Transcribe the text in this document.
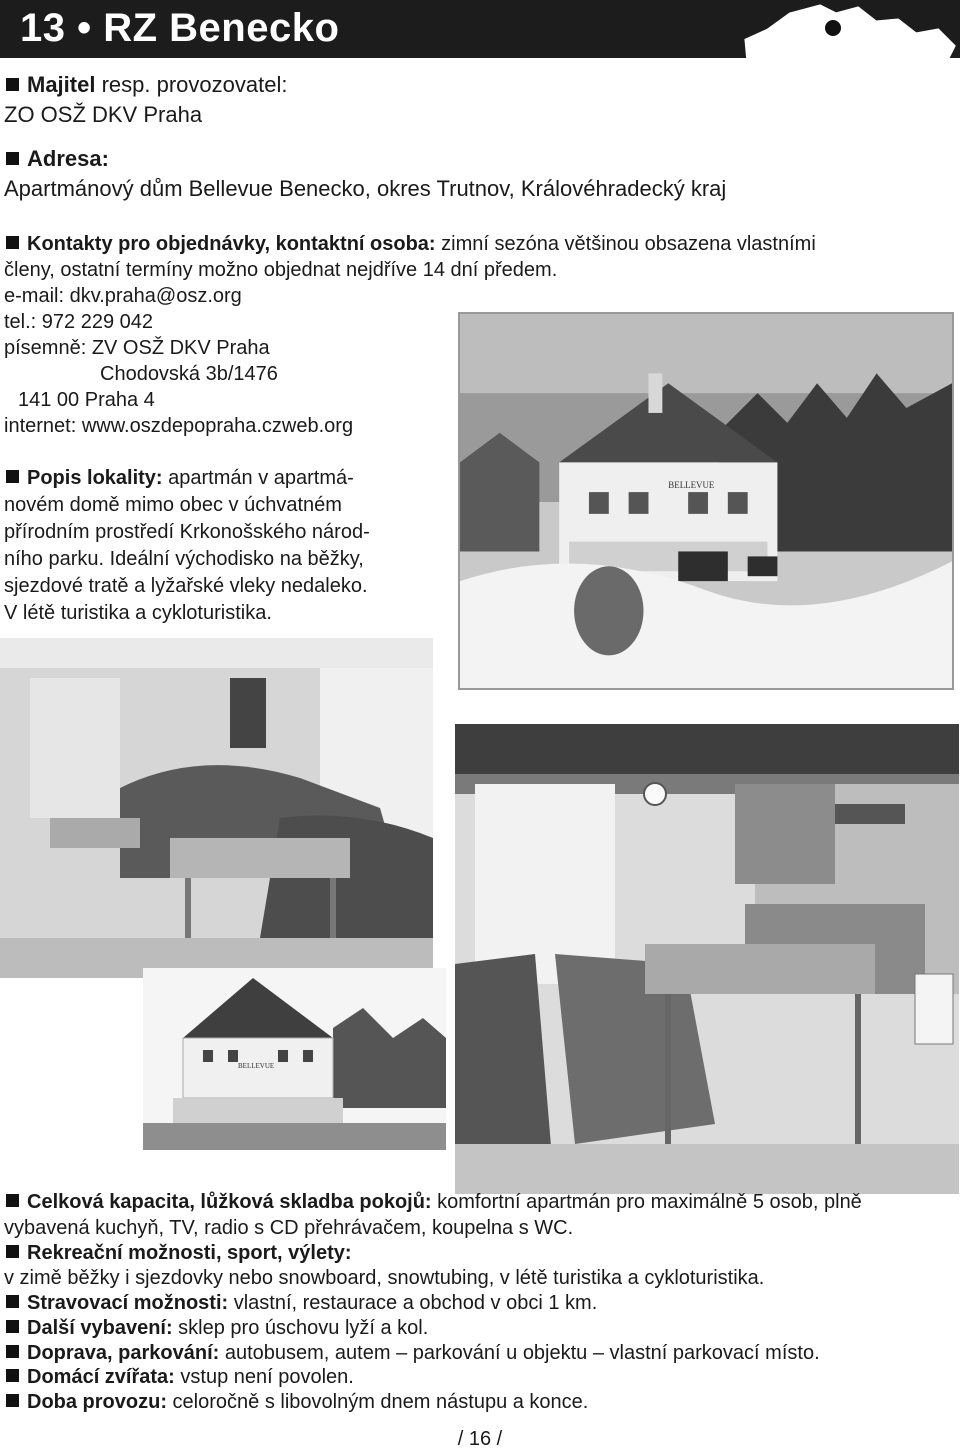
13 • RZ Benecko
Majitel resp. provozovatel:
ZO OSŽ DKV Praha
Adresa:
Apartmánový dům Bellevue Benecko, okres Trutnov, Královéhradecký kraj
Kontakty pro objednávky, kontaktní osoba: zimní sezóna většinou obsazena vlastními
členy, ostatní termíny možno objednat nejdříve 14 dní předem.
e-mail: dkv.praha@osz.org
tel.: 972 229 042
písemně: ZV OSŽ DKV Praha
Chodovská 3b/1476
141 00 Praha 4
internet: www.oszdepopraha.czweb.org
Popis lokality: apartmán v apartmá-
novém domě mimo obec v úchvatném
přírodním prostředí Krkonošského národ-
ního parku. Ideální východisko na běžky,
sjezdové tratě a lyžařské vleky nedaleko.
V létě turistika a cykloturistika.
BELLEVUE
BELLEVUE
Celková kapacita, lůžková skladba pokojů: komfortní apartmán pro maximálně 5 osob, plně
vybavená kuchyň, TV, radio s CD přehrávačem, koupelna s WC.
Rekreační možnosti, sport, výlety:
v zimě běžky i sjezdovky nebo snowboard, snowtubing, v létě turistika a cykloturistika.
Stravovací možnosti: vlastní, restaurace a obchod v obci 1 km.
Další vybavení: sklep pro úschovu lyží a kol.
Doprava, parkování: autobusem, autem – parkování u objektu – vlastní parkovací místo.
Domácí zvířata: vstup není povolen.
Doba provozu: celoročně s libovolným dnem nástupu a konce.
/ 16 /
